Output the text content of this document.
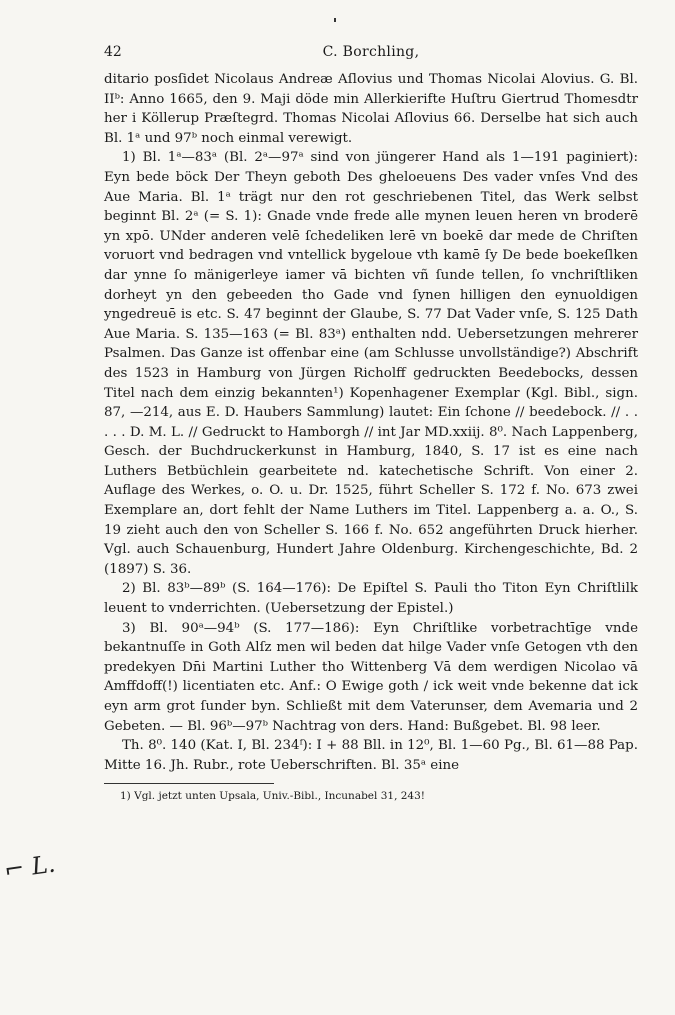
42	C. Borchling,

ditario posſidet Nicolaus Andreæ Aſlovius und Thomas Nicolai Alovius. G. Bl. IIᵇ: Anno 1665, den 9. Maji döde min Allerkierifte Huſtru Giertrud Thomesdtr her i Köllerup Præſtegrd. Thomas Nicolai Aſlovius 66. Derselbe hat sich auch Bl. 1ᵃ und 97ᵇ noch einmal verewigt.

1) Bl. 1ᵃ—83ᵃ (Bl. 2ᵃ—97ᵃ sind von jüngerer Hand als 1—191 paginiert): Eyn bede böck Der Theyn geboth Des gheloeuens Des vader vnſes Vnd des Aue Maria. Bl. 1ᵃ trägt nur den rot geschriebenen Titel, das Werk selbst beginnt Bl. 2ᵃ (= S. 1): Gnade vnde frede alle mynen leuen heren vn broderē yn xpō. UNder anderen velē ſchedeliken lerē vn boekē dar mede de Chriſten voruort vnd bedragen vnd vntellick bygeloue vth kamē ſy De bede boekeſlken dar ynne ſo mänigerleye iamer vā bichten vñ ſunde tellen, ſo vnchriſtliken dorheyt yn den gebeeden tho Gade vnd ſynen hilligen den eynuoldigen yngedreuē is etc. S. 47 beginnt der Glaube, S. 77 Dat Vader vnſe, S. 125 Dath Aue Maria. S. 135—163 (= Bl. 83ᵃ) enthalten ndd. Uebersetzungen mehrerer Psalmen. Das Ganze ist offenbar eine (am Schlusse unvollständige?) Abschrift des 1523 in Hamburg von Jürgen Richolff gedruckten Beedebocks, dessen Titel nach dem einzig bekannten¹) Kopenhagener Exemplar (Kgl. Bibl., sign. 87, —214, aus E. D. Haubers Sammlung) lautet: Ein ſchone // beedebock. // . . . . . D. M. L. // Gedruckt to Hamborgh // int Jar MD.xxiij. 8⁰. Nach Lappenberg, Gesch. der Buchdruckerkunst in Hamburg, 1840, S. 17 ist es eine nach Luthers Betbüchlein gearbeitete nd. katechetische Schrift. Von einer 2. Auflage des Werkes, o. O. u. Dr. 1525, führt Scheller S. 172 f. No. 673 zwei Exemplare an, dort fehlt der Name Luthers im Titel. Lappenberg a. a. O., S. 19 zieht auch den von Scheller S. 166 f. No. 652 angeführten Druck hierher. Vgl. auch Schauenburg, Hundert Jahre Oldenburg. Kirchengeschichte, Bd. 2 (1897) S. 36.

2) Bl. 83ᵇ—89ᵇ (S. 164—176): De Epiſtel S. Pauli tho Titon Eyn Chriſtlilk leuent to vnderrichten. (Uebersetzung der Epistel.)

3) Bl. 90ᵃ—94ᵇ (S. 177—186): Eyn Chriſtlike vorbetrachtīge vnde bekantnuſſe in Goth Alſz men wil beden dat hilge Vader vnſe Getogen vth den predekyen Dn̄i Martini Luther tho Wittenberg Vā dem werdigen Nicolao vā Amffdoff(!) licentiaten etc. Anf.: O Ewige goth / ick weit vnde bekenne dat ick eyn arm grot ſunder byn. Schließt mit dem Vaterunser, dem Avemaria und 2 Gebeten. — Bl. 96ᵇ—97ᵇ Nachtrag von ders. Hand: Bußgebet. Bl. 98 leer.

Th. 8⁰. 140 (Kat. I, Bl. 234ᶠ): I + 88 Bll. in 12⁰, Bl. 1—60 Pg., Bl. 61—88 Pap. Mitte 16. Jh. Rubr., rote Ueberschriften. Bl. 35ᵃ eine

1) Vgl. jetzt unten Upsala, Univ.-Bibl., Incunabel 31, 243!
⌐ L.
